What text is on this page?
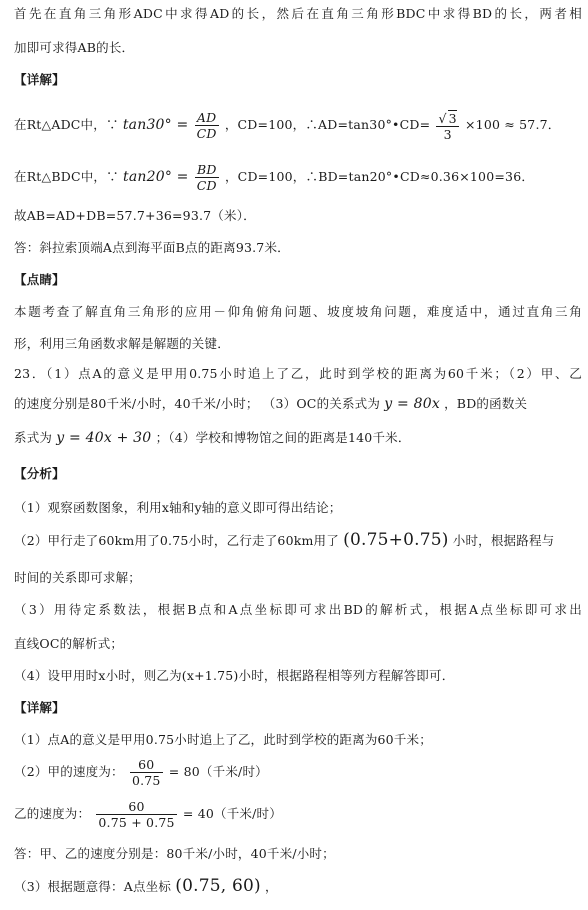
首先在直角三角形ADC中求得AD的长，然后在直角三角形BDC中求得BD的长，两者相
加即可求得AB的长．
【详解】
在Rt△ADC中，∵ $\tan 30^\circ = \frac{AD}{CD}$ ，CD=100，∴AD=tan30°•CD= $\frac{√ 3}{3} \times 100 \approx 57.7$．
在Rt△BDC中，∵ $\tan 20^\circ = \frac{BD}{CD}$ ，CD=100，∴BD=tan20°•CD≈0.36×100=36．
故AB=AD+DB=57.7+36=93.7（米）．
答：斜拉索顶端A点到海平面B点的距离93.7米．
【点睛】
本题考查了解直角三角形的应用－仰角俯角问题、坡度坡角问题，难度适中，通过直角三角
形，利用三角函数求解是解题的关键．
23．（1）点A的意义是甲用0.75小时追上了乙，此时到学校的距离为60千米；（2）甲、乙
的速度分别是80千米/小时，40千米/小时； （3）OC的关系式为 y = 80x ，BD的函数关
系式为 y = 40x + 30 ；（4）学校和博物馆之间的距离是140千米．
【分析】
（1）观察函数图象，利用x轴和y轴的意义即可得出结论；
（2）甲行走了60km用了0.75小时，乙行走了60km用了 (0.75+0.75) 小时，根据路程与
时间的关系即可求解；
（3）用待定系数法，根据B点和A点坐标即可求出BD的解析式，根据A点坐标即可求出
直线OC的解析式；
（4）设甲用时x小时，则乙为(x+1.75)小时，根据路程相等列方程解答即可．
【详解】
（1）点A的意义是甲用0.75小时追上了乙，此时到学校的距离为60千米；
（2）甲的速度为： $\frac{60}{0.75} = 80$（千米/时）
乙的速度为： $\frac{60}{0.75 + 0.75} = 40$（千米/时）
答：甲、乙的速度分别是：80千米/小时，40千米/小时；
（3）根据题意得：A点坐标 (0.75, 60) ，
